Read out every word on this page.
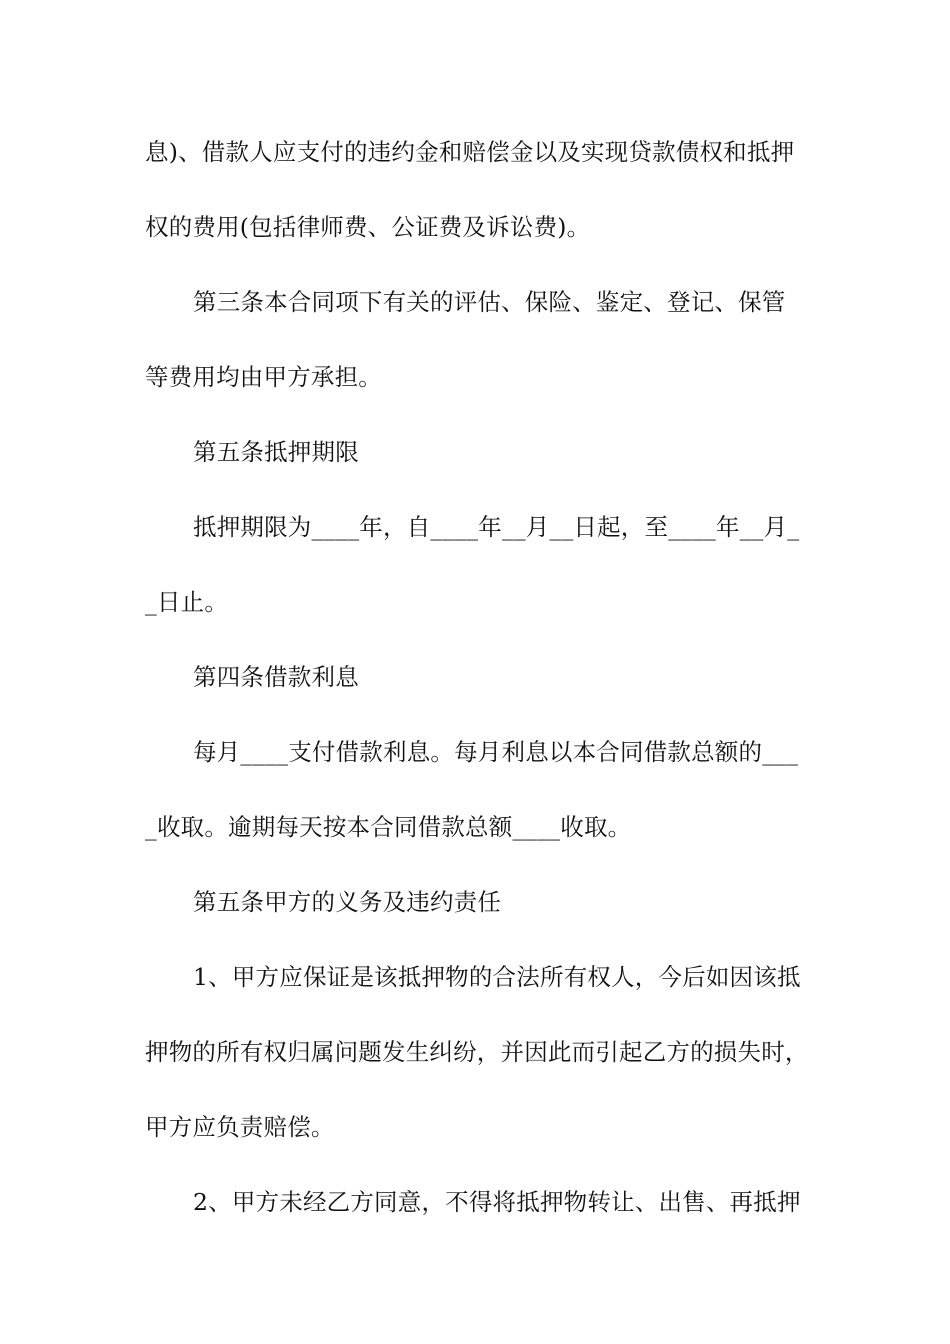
息)、借款人应支付的违约金和赔偿金以及实现贷款债权和抵押
权的费用(包括律师费、公证费及诉讼费)。
第三条本合同项下有关的评估、保险、鉴定、登记、保管
等费用均由甲方承担。
第五条抵押期限
抵押期限为____年，自____年__月__日起，至____年__月_
_日止。
第四条借款利息
每月____支付借款利息。每月利息以本合同借款总额的___
_收取。逾期每天按本合同借款总额____收取。
第五条甲方的义务及违约责任
1、甲方应保证是该抵押物的合法所有权人，今后如因该抵
押物的所有权归属问题发生纠纷，并因此而引起乙方的损失时，
甲方应负责赔偿。
2、甲方未经乙方同意，不得将抵押物转让、出售、再抵押
